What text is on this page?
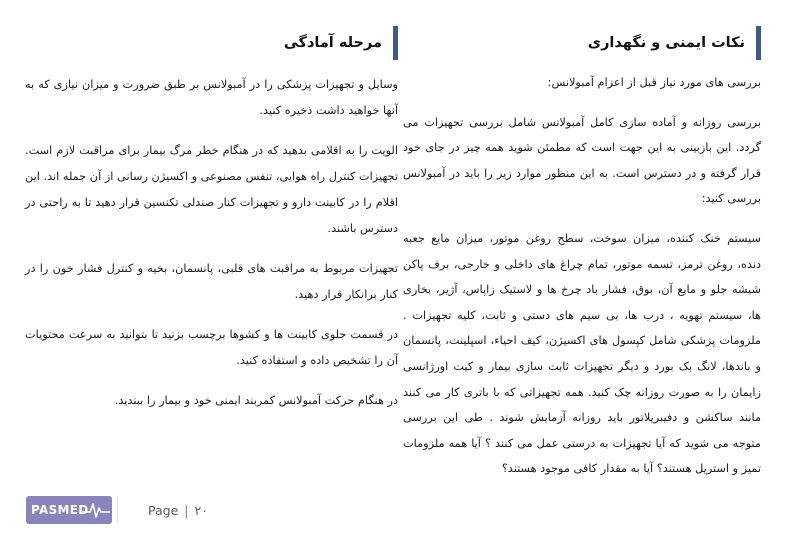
نکات ایمنی و نگهداری

بررسی های مورد نیاز قبل از اعزام آمبولانس:

بررسی روزانه و آماده سازی کامل آمبولانس شامل بررسی تجهیزات می گردد. این بازبینی به این جهت است که مطمئن شوید همه چیز در جای خود قرار گرفته و در دسترس است. به این منظور موارد زیر را باید در آمبولانس بررسی کنید:

سیستم خنک کننده، میزان سوخت، سطح روغن موتور، میزان مایع جعبه دنده، روغن ترمز، تسمه موتور، تمام چراغ های داخلی و خارجی، برف پاکن شیشه جلو و مایع آن، بوق، فشار باد چرخ ها و لاستیک زاپاس، آژیر، بخاری ها، سیستم تهویه ، درب ها، بی سیم های دستی و ثابت، کلیه تجهیزات . ملزومات پزشکی شامل کپسول های اکسیژن، کیف احیاء، اسپلینت، پانسمان و باندها، لانگ بک بورد و دیگر تجهیزات ثابت سازی بیمار و کیت اورژانسی زایمان را به صورت روزانه چک کنید. همه تجهیزاتی که با باتری کار می کنند مانند ساکشن و دفیبریلاتور باید روزانه آزمایش شوند . طی این بررسی متوجه می شوید که آیا تجهیزات به درستی عمل می کنند ؟ آیا همه ملزومات تمیز و استریل هستند؟ آیا به مقدار کافی موجود هستند؟

مرحله آمادگی

وسایل و تجهیزات پزشکی را در آمبولانس بر طبق ضرورت و میزان نیازی که به آنها خواهید داشت ذخیره کنید.

الویت را به اقلامی بدهید که در هنگام خطر مرگ بیمار برای مراقبت لازم است. تجهیزات کنترل راه هوایی، تنفس مصنوعی و اکسیژن رسانی از آن جمله اند. این اقلام را در کابینت دارو و تجهیزات کنار صندلی تکنسین قرار دهید تا به راحتی در دسترس باشند.

تجهیزات مربوط به مراقبت های قلبی، پانسمان، بخیه و کنترل فشار خون را در کنار برانکار قرار دهید.

در قسمت جلوی کابینت ها و کشوها برچسب بزنید تا بتوانید به سرعت محتویات آن را تشخیص داده و استفاده کنید.

در هنگام حرکت آمبولانس کمربند ایمنی خود و بیمار را ببندید.

PASMED	Page | ۲۰
